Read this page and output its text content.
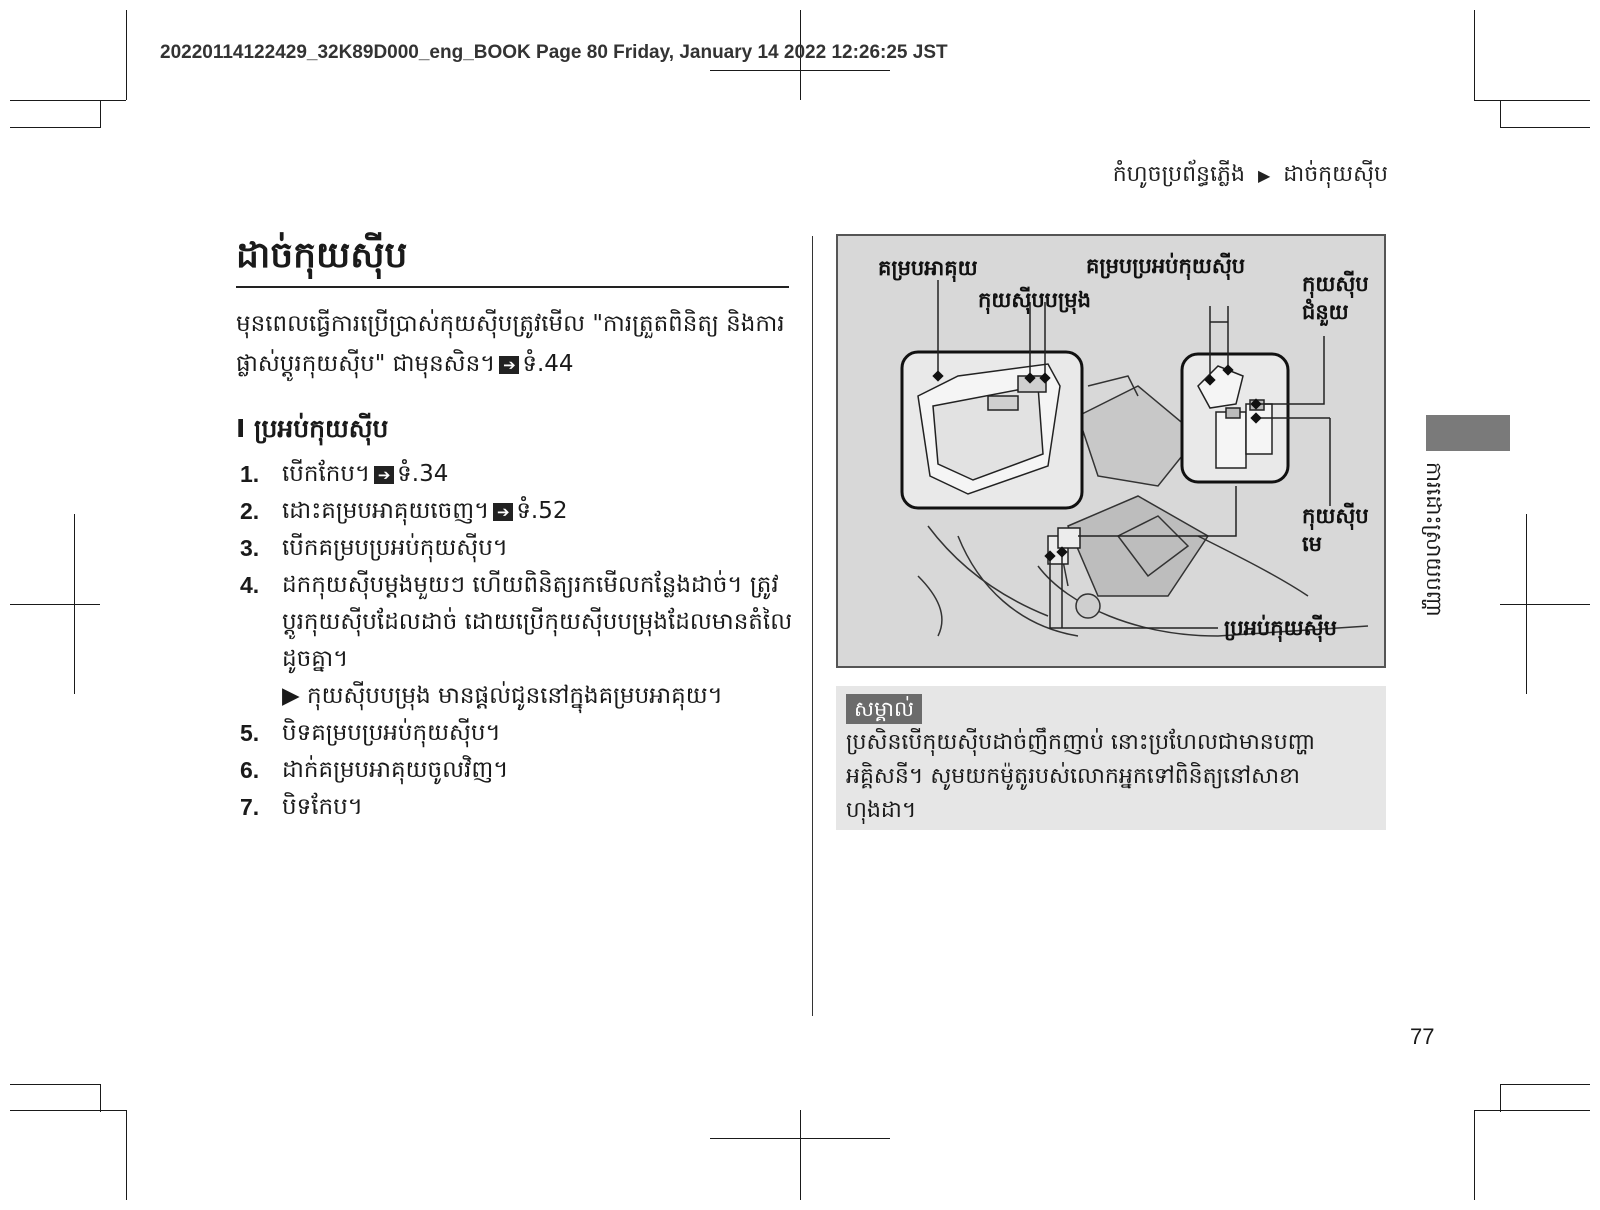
20220114122429_32K89D000_eng_BOOK Page 80 Friday, January 14 2022 12:26:25 JST
កំហូចប្រព័ន្ធភ្លើង ▶ ដាច់កុយស៊ីប
ដាច់កុយស៊ីប
មុនពេលធ្វើការប្រើប្រាស់កុយស៊ីបត្រូវមើល "ការត្រួតពិនិត្យ និងការផ្លាស់ប្តូរកុយស៊ីប" ជាមុនសិន។ ➔ ទំ.44
I ប្រអប់កុយស៊ីប
1. បើកកែប។ ➔ ទំ.34
2. ដោះគម្របអាគុយចេញ។ ➔ ទំ.52
3. បើកគម្របប្រអប់កុយស៊ីប។
4. ដកកុយស៊ីបម្តងមួយៗ ហើយពិនិត្យរកមើលកន្លែងដាច់។ ត្រូវប្តូរកុយស៊ីបដែលដាច់ ដោយប្រើកុយស៊ីបបម្រុងដែលមានតំលៃដូចគ្នា។
▶ កុយស៊ីបបម្រុង មានផ្តល់ជូននៅក្នុងគម្របអាគុយ។
5. បិទគម្របប្រអប់កុយស៊ីប។
6. ដាក់គម្របអាគុយចូលវិញ។
7. បិទកែប។
គម្របអាគុយ
កុយស៊ីបបម្រុង
គម្របប្រអប់កុយស៊ីប
កុយស៊ីបជំនួយ
កុយស៊ីបមេ
ប្រអប់កុយស៊ីប
សម្គាល់
ប្រសិនបើកុយស៊ីបដាច់ញឹកញាប់ នោះប្រហែលជាមានបញ្ហាអគ្គិសនី។ សូមយកម៉ូតូរបស់លោកអ្នកទៅពិនិត្យនៅសាខាហុងដា។
ការដោះស្រាយបញ្ហា
77
